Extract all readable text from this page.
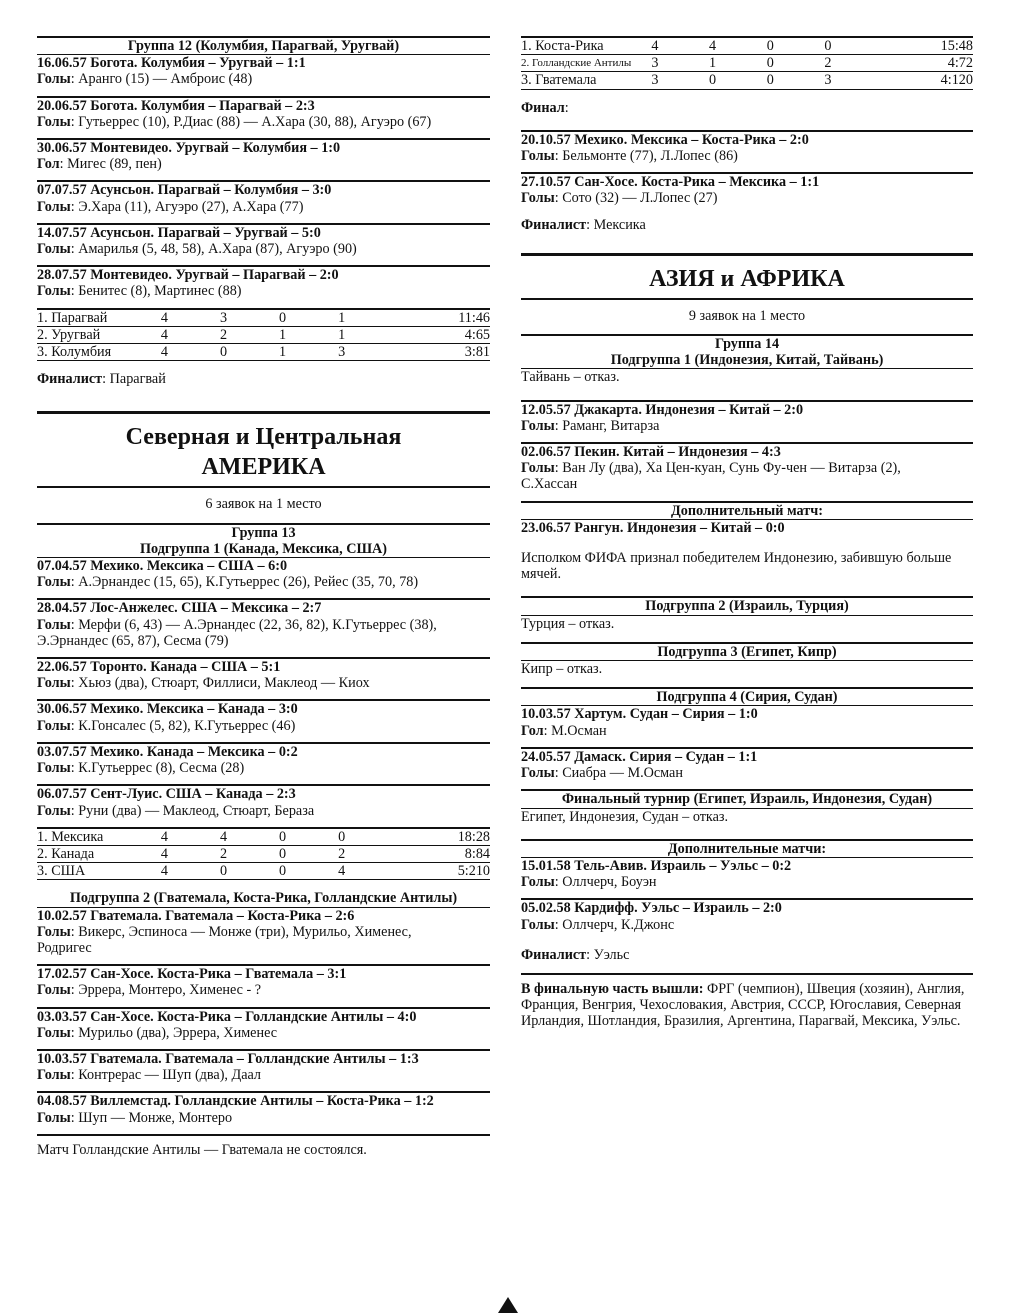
Группа 12 (Колумбия, Парагвай, Уругвай)
16.06.57 Богота. Колумбия – Уругвай – 1:1
Голы: Аранго (15) — Амброис (48)
20.06.57 Богота. Колумбия – Парагвай – 2:3
Голы: Гутьеррес (10), Р.Диас (88) — А.Хара (30, 88), Агуэро (67)
30.06.57 Монтевидео. Уругвай – Колумбия – 1:0
Гол: Мигес (89, пен)
07.07.57 Асунсьон. Парагвай – Колумбия – 3:0
Голы: Э.Хара (11), Агуэро (27), А.Хара (77)
14.07.57 Асунсьон. Парагвай – Уругвай – 5:0
Голы: Амарилья (5, 48, 58), А.Хара (87), Агуэро (90)
28.07.57 Монтевидео. Уругвай – Парагвай – 2:0
Голы: Бенитес (8), Мартинес (88)
1. Парагвай	4	3	0	1	11:4 6
2. Уругвай	4	2	1	1	4:6 5
3. Колумбия	4	0	1	3	3:8 1
Финалист: Парагвай
Северная и Центральная
АМЕРИКА
6 заявок на 1 место
Группа 13
Подгруппа 1 (Канада, Мексика, США)
07.04.57 Мехико. Мексика – США – 6:0
Голы: А.Эрнандес (15, 65), К.Гутьеррес (26), Рейес (35, 70, 78)
28.04.57 Лос-Анжелес. США – Мексика – 2:7
Голы: Мерфи (6, 43) — А.Эрнандес (22, 36, 82), К.Гутьеррес (38),
Э.Эрнандес (65, 87), Сесма (79)
22.06.57 Торонто. Канада – США – 5:1
Голы: Хьюз (два), Стюарт, Филлиси, Маклеод — Киох
30.06.57 Мехико. Мексика – Канада – 3:0
Голы: К.Гонсалес (5, 82), К.Гутьеррес (46)
03.07.57 Мехико. Канада – Мексика – 0:2
Голы: К.Гутьеррес (8), Сесма (28)
06.07.57 Сент-Луис. США – Канада – 2:3
Голы: Руни (два) — Маклеод, Стюарт, Бераза
1. Мексика	4	4	0	0	18:2 8
2. Канада	4	2	0	2	8:8 4
3. США	4	0	0	4	5:21 0
Подгруппа 2 (Гватемала, Коста-Рика, Голландские Антилы)
10.02.57 Гватемала. Гватемала – Коста-Рика – 2:6
Голы: Викерс, Эспиноса — Монже (три), Мурильо, Хименес,
Родригес
17.02.57 Сан-Хосе. Коста-Рика – Гватемала – 3:1
Голы: Эррера, Монтеро, Хименес - ?
03.03.57 Сан-Хосе. Коста-Рика – Голландские Антилы – 4:0
Голы: Мурильо (два), Эррера, Хименес
10.03.57 Гватемала. Гватемала – Голландские Антилы – 1:3
Голы: Контрерас — Шуп (два), Даал
04.08.57 Виллемстад. Голландские Антилы – Коста-Рика – 1:2
Голы: Шуп — Монже, Монтеро
Матч Голландские Антилы — Гватемала не состоялся.
1. Коста-Рика	4	4	0	0	15:4 8
2. Голландские Антилы	3	1	0	2	4:7 2
3. Гватемала	3	0	0	3	4:12 0
Финал:
20.10.57 Мехико. Мексика – Коста-Рика – 2:0
Голы: Бельмонте (77), Л.Лопес (86)
27.10.57 Сан-Хосе. Коста-Рика – Мексика – 1:1
Голы: Сото (32) — Л.Лопес (27)
Финалист: Мексика
АЗИЯ и АФРИКА
9 заявок на 1 место
Группа 14
Подгруппа 1 (Индонезия, Китай, Тайвань)
Тайвань – отказ.
12.05.57 Джакарта. Индонезия – Китай – 2:0
Голы: Раманг, Витарза
02.06.57 Пекин. Китай – Индонезия – 4:3
Голы: Ван Лу (два), Ха Цен-куан, Сунь Фу-чен — Витарза (2),
С.Хассан
Дополнительный матч:
23.06.57 Рангун. Индонезия – Китай – 0:0
Исполком ФИФА признал победителем Индонезию, забившую больше мячей.
Подгруппа 2 (Израиль, Турция)
Турция – отказ.
Подгруппа 3 (Египет, Кипр)
Кипр – отказ.
Подгруппа 4 (Сирия, Судан)
10.03.57 Хартум. Судан – Сирия – 1:0
Гол: М.Осман
24.05.57 Дамаск. Сирия – Судан – 1:1
Голы: Сиабра — М.Осман
Финальный турнир (Египет, Израиль, Индонезия, Судан)
Египет, Индонезия, Судан – отказ.
Дополнительные матчи:
15.01.58 Тель-Авив. Израиль – Уэльс – 0:2
Голы: Оллчерч, Боуэн
05.02.58 Кардифф. Уэльс – Израиль – 2:0
Голы: Оллчерч, К.Джонс
Финалист: Уэльс
В финальную часть вышли: ФРГ (чемпион), Швеция (хозяин), Англия, Франция, Венгрия, Чехословакия, Австрия, СССР, Югославия, Северная Ирландия, Шотландия, Бразилия, Аргентина, Парагвай, Мексика, Уэльс.
